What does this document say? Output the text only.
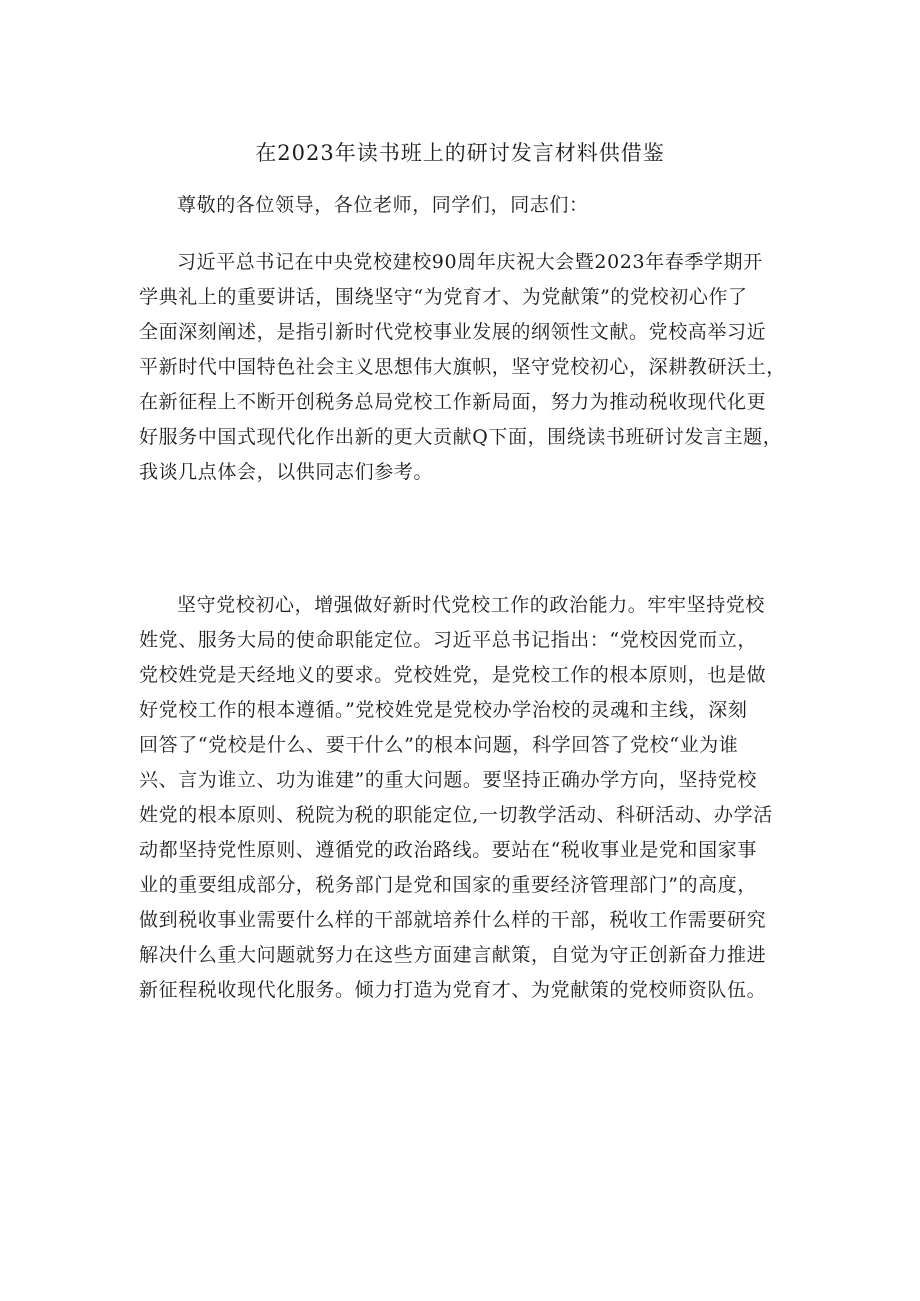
在2023年读书班上的研讨发言材料供借鉴
尊敬的各位领导，各位老师，同学们，同志们：
习近平总书记在中央党校建校90周年庆祝大会暨2023年春季学期开
学典礼上的重要讲话，围绕坚守“为党育才、为党献策”的党校初心作了
全面深刻阐述，是指引新时代党校事业发展的纲领性文献。党校高举习近
平新时代中国特色社会主义思想伟大旗帜，坚守党校初心，深耕教研沃土，
在新征程上不断开创税务总局党校工作新局面，努力为推动税收现代化更
好服务中国式现代化作出新的更大贡献Q下面，围绕读书班研讨发言主题，
我谈几点体会，以供同志们参考。
坚守党校初心，增强做好新时代党校工作的政治能力。牢牢坚持党校
姓党、服务大局的使命职能定位。习近平总书记指出：“党校因党而立，
党校姓党是天经地义的要求。党校姓党，是党校工作的根本原则，也是做
好党校工作的根本遵循。”党校姓党是党校办学治校的灵魂和主线，深刻
回答了“党校是什么、要干什么”的根本问题，科学回答了党校“业为谁
兴、言为谁立、功为谁建”的重大问题。要坚持正确办学方向，坚持党校
姓党的根本原则、税院为税的职能定位,一切教学活动、科研活动、办学活
动都坚持党性原则、遵循党的政治路线。要站在“税收事业是党和国家事
业的重要组成部分，税务部门是党和国家的重要经济管理部门”的高度，
做到税收事业需要什么样的干部就培养什么样的干部，税收工作需要研究
解决什么重大问题就努力在这些方面建言献策，自觉为守正创新奋力推进
新征程税收现代化服务。倾力打造为党育才、为党献策的党校师资队伍。
